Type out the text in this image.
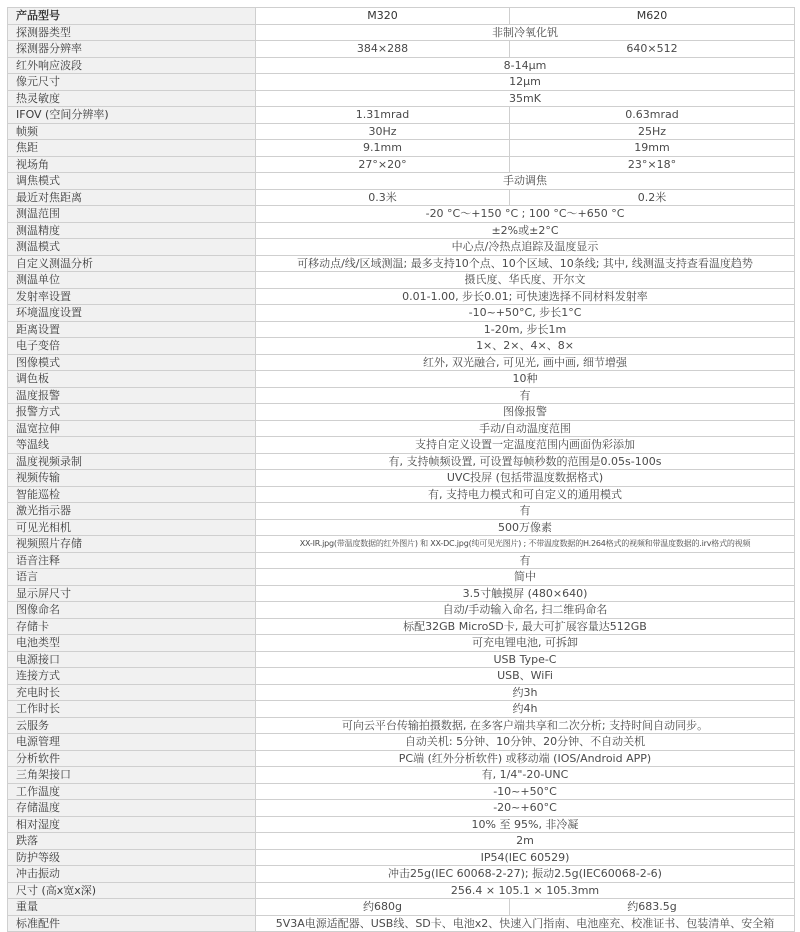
产品型号	M320	M620
探测器类型	非制冷氧化钒	
探测器分辨率	384×288	640×512
红外响应波段	8-14μm	
像元尺寸	12μm	
热灵敏度	35mK	
IFOV (空间分辨率)	1.31mrad	0.63mrad
帧频	30Hz	25Hz
焦距	9.1mm	19mm
视场角	27°×20°	23°×18°
调焦模式	手动调焦	
最近对焦距离	0.3米	0.2米
测温范围	-20 °C～+150 °C ; 100 °C～+650 °C	
测温精度	±2%或±2°C	
测温模式	中心点/冷热点追踪及温度显示	
自定义测温分析	可移动点/线/区域测温; 最多支持10个点、10个区域、10条线; 其中, 线测温支持查看温度趋势	
测温单位	摄氏度、华氏度、开尔文	
发射率设置	0.01-1.00, 步长0.01; 可快速选择不同材料发射率	
环境温度设置	-10~+50°C, 步长1°C	
距离设置	1-20m, 步长1m	
电子变倍	1×、2×、4×、8×	
图像模式	红外, 双光融合, 可见光, 画中画, 细节增强	
调色板	10种	
温度报警	有	
报警方式	图像报警	
温宽拉伸	手动/自动温度范围	
等温线	支持自定义设置一定温度范围内画面伪彩添加	
温度视频录制	有, 支持帧频设置, 可设置每帧秒数的范围是0.05s-100s	
视频传输	UVC投屏 (包括带温度数据格式)	
智能巡检	有, 支持电力模式和可自定义的通用模式	
激光指示器	有	
可见光相机	500万像素	
视频照片存储	XX-IR.jpg(带温度数据的红外图片) 和 XX-DC.jpg(纯可见光图片) ; 不带温度数据的H.264格式的视频和带温度数据的.irv格式的视频	
语音注释	有	
语言	简中	
显示屏尺寸	3.5寸触摸屏 (480×640)	
图像命名	自动/手动输入命名, 扫二维码命名	
存储卡	标配32GB MicroSD卡, 最大可扩展容量达512GB	
电池类型	可充电锂电池, 可拆卸	
电源接口	USB Type-C	
连接方式	USB、WiFi	
充电时长	约3h	
工作时长	约4h	
云服务	可向云平台传输拍摄数据, 在多客户端共享和二次分析; 支持时间自动同步。	
电源管理	自动关机: 5分钟、10分钟、20分钟、不自动关机	
分析软件	PC端 (红外分析软件) 或移动端 (IOS/Android APP)	
三角架接口	有, 1/4"-20-UNC	
工作温度	-10~+50°C	
存储温度	-20~+60°C	
相对湿度	10% 至 95%, 非冷凝	
跌落	2m	
防护等级	IP54(IEC 60529)	
冲击振动	冲击25g(IEC 60068-2-27); 振动2.5g(IEC60068-2-6)	
尺寸 (高x宽x深)	256.4 × 105.1 × 105.3mm	
重量	约680g	约683.5g
标准配件	5V3A电源适配器、USB线、SD卡、电池x2、快速入门指南、电池座充、校准证书、包装清单、安全箱	
